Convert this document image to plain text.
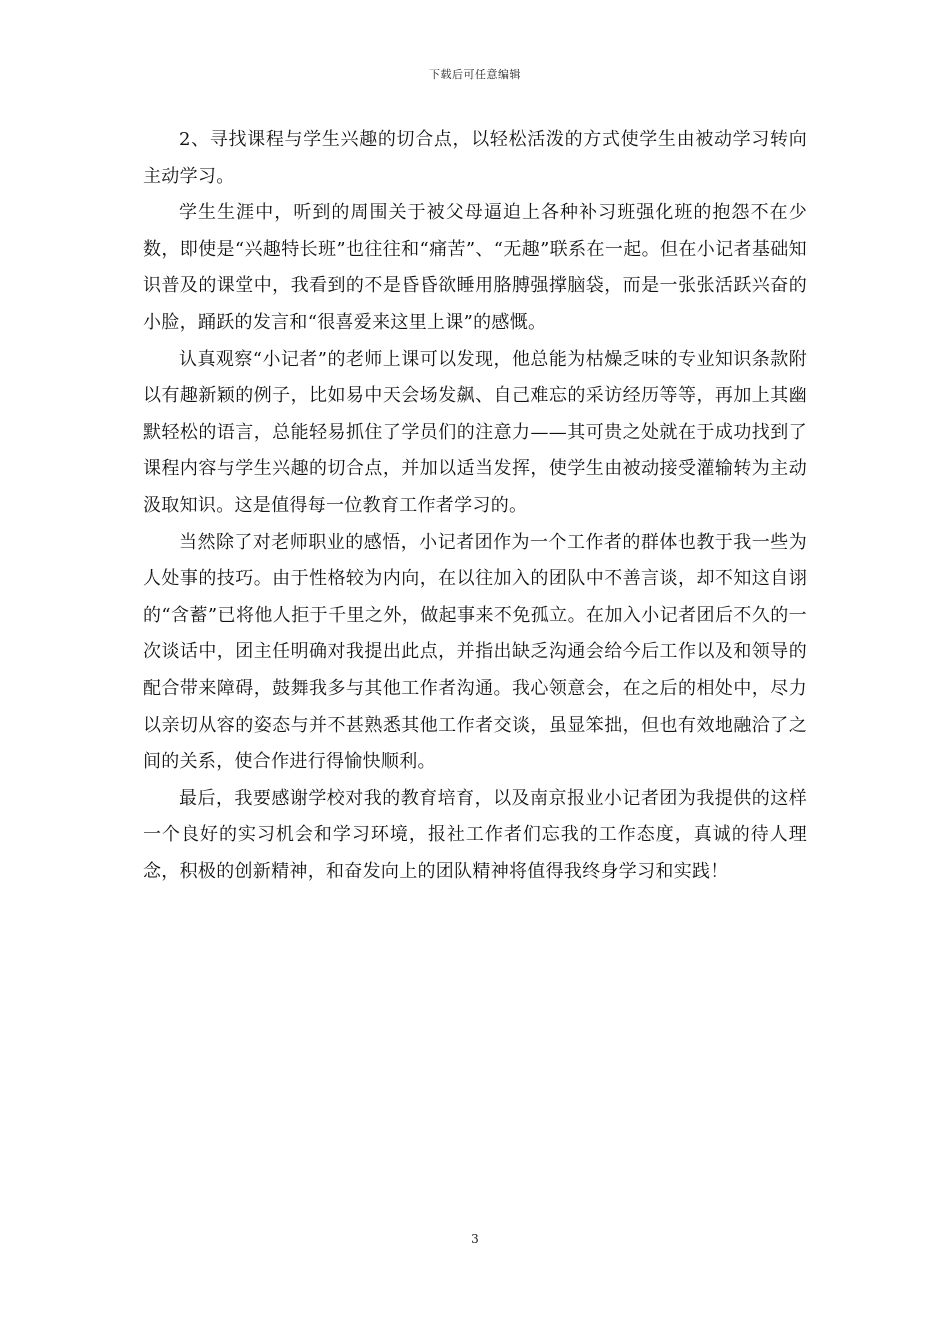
下载后可任意编辑

2、寻找课程与学生兴趣的切合点，以轻松活泼的方式使学生由被动学习转向主动学习。

学生生涯中，听到的周围关于被父母逼迫上各种补习班强化班的抱怨不在少数，即使是“兴趣特长班”也往往和“痛苦”、“无趣”联系在一起。但在小记者基础知识普及的课堂中，我看到的不是昏昏欲睡用胳膊强撑脑袋，而是一张张活跃兴奋的小脸，踊跃的发言和“很喜爱来这里上课”的感慨。

认真观察“小记者”的老师上课可以发现，他总能为枯燥乏味的专业知识条款附以有趣新颖的例子，比如易中天会场发飙、自己难忘的采访经历等等，再加上其幽默轻松的语言，总能轻易抓住了学员们的注意力——其可贵之处就在于成功找到了课程内容与学生兴趣的切合点，并加以适当发挥，使学生由被动接受灌输转为主动汲取知识。这是值得每一位教育工作者学习的。

当然除了对老师职业的感悟，小记者团作为一个工作者的群体也教于我一些为人处事的技巧。由于性格较为内向，在以往加入的团队中不善言谈，却不知这自诩的“含蓄”已将他人拒于千里之外，做起事来不免孤立。在加入小记者团后不久的一次谈话中，团主任明确对我提出此点，并指出缺乏沟通会给今后工作以及和领导的配合带来障碍，鼓舞我多与其他工作者沟通。我心领意会，在之后的相处中，尽力以亲切从容的姿态与并不甚熟悉其他工作者交谈，虽显笨拙，但也有效地融洽了之间的关系，使合作进行得愉快顺利。

最后，我要感谢学校对我的教育培育，以及南京报业小记者团为我提供的这样一个良好的实习机会和学习环境，报社工作者们忘我的工作态度，真诚的待人理念，积极的创新精神，和奋发向上的团队精神将值得我终身学习和实践！

3
